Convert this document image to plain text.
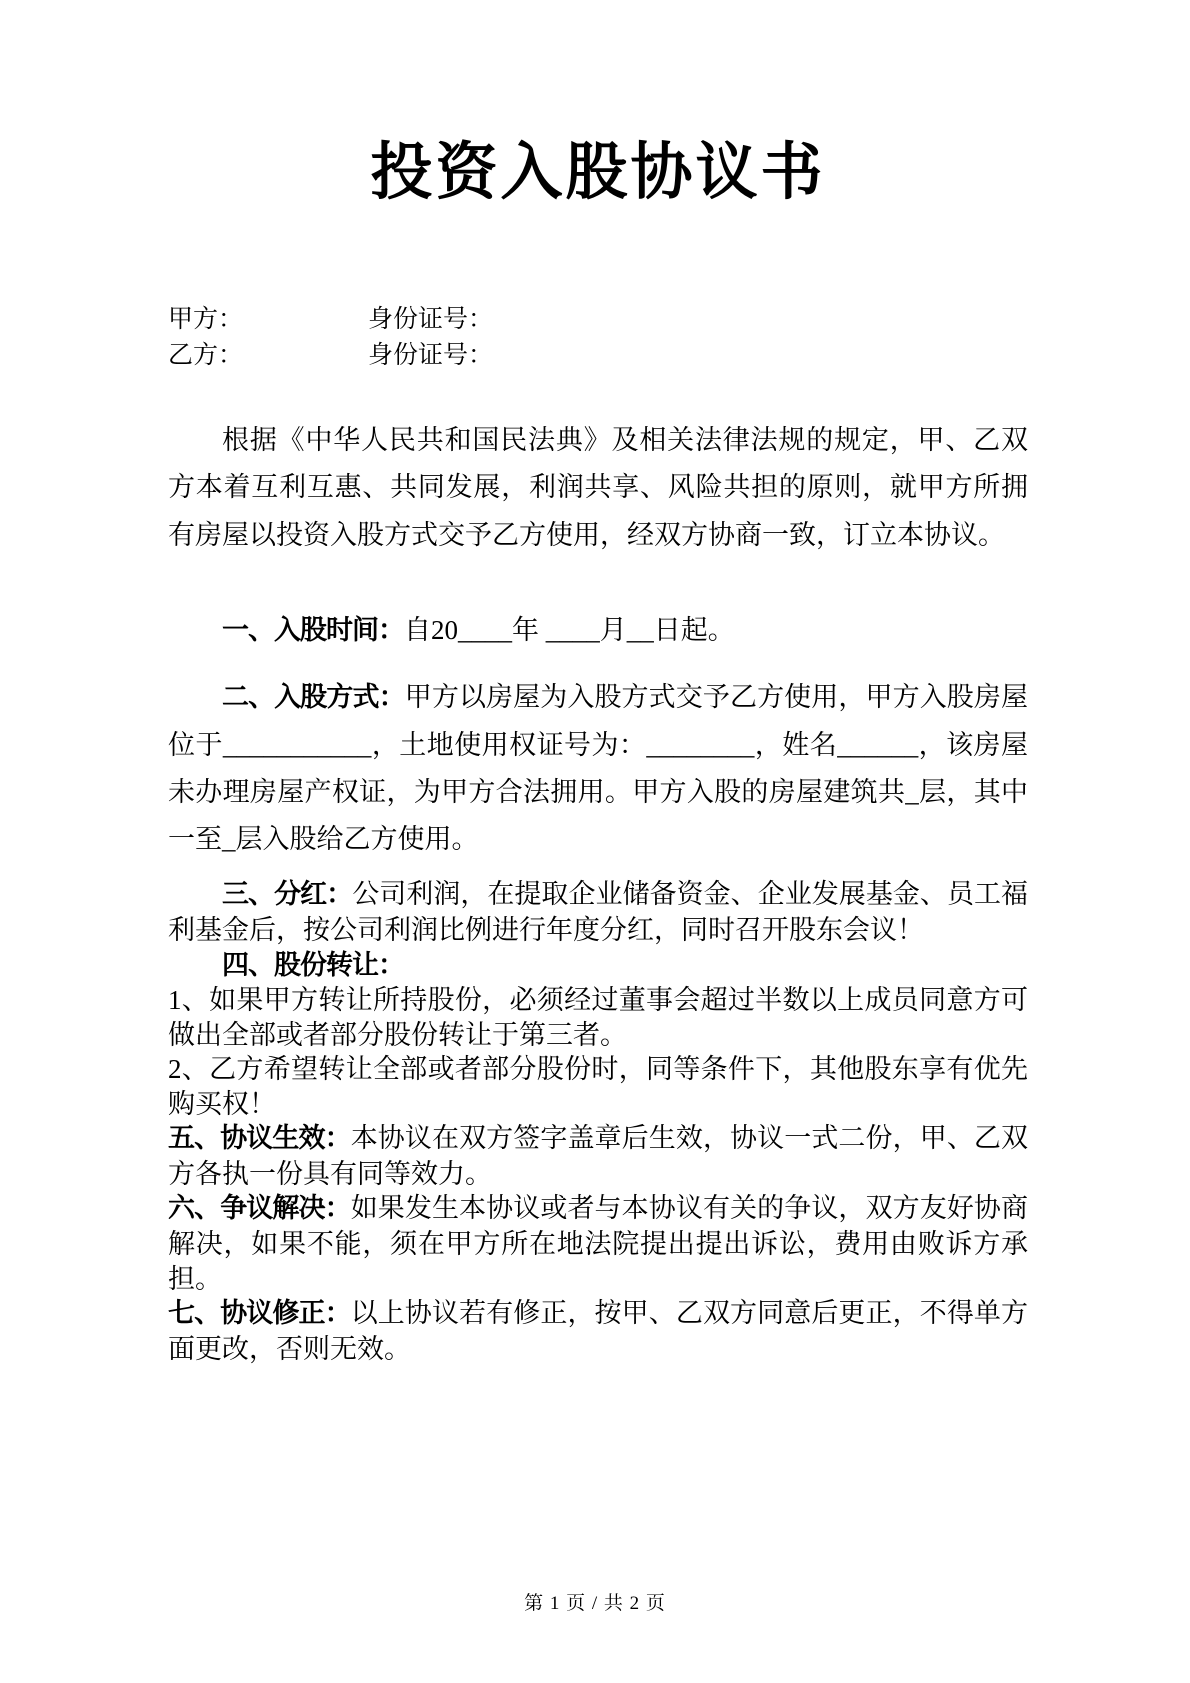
投资入股协议书
甲方：	身份证号：
乙方：	身份证号：

根据《中华人民共和国民法典》及相关法律法规的规定，甲、乙双方本着互利互惠、共同发展，利润共享、风险共担的原则，就甲方所拥有房屋以投资入股方式交予乙方使用，经双方协商一致，订立本协议。

一、入股时间：自20____年 ____月__日起。

二、入股方式：甲方以房屋为入股方式交予乙方使用，甲方入股房屋位于___________，土地使用权证号为：________，姓名______，该房屋未办理房屋产权证，为甲方合法拥用。甲方入股的房屋建筑共_层，其中一至_层入股给乙方使用。

三、分红：公司利润，在提取企业储备资金、企业发展基金、员工福利基金后，按公司利润比例进行年度分红，同时召开股东会议！

四、股份转让：

1、如果甲方转让所持股份，必须经过董事会超过半数以上成员同意方可做出全部或者部分股份转让于第三者。

2、乙方希望转让全部或者部分股份时，同等条件下，其他股东享有优先购买权！

五、协议生效：本协议在双方签字盖章后生效，协议一式二份，甲、乙双方各执一份具有同等效力。

六、争议解决：如果发生本协议或者与本协议有关的争议，双方友好协商解决，如果不能，须在甲方所在地法院提出提出诉讼，费用由败诉方承担。

七、协议修正：以上协议若有修正，按甲、乙双方同意后更正，不得单方面更改，否则无效。

第 1 页 / 共 2 页
